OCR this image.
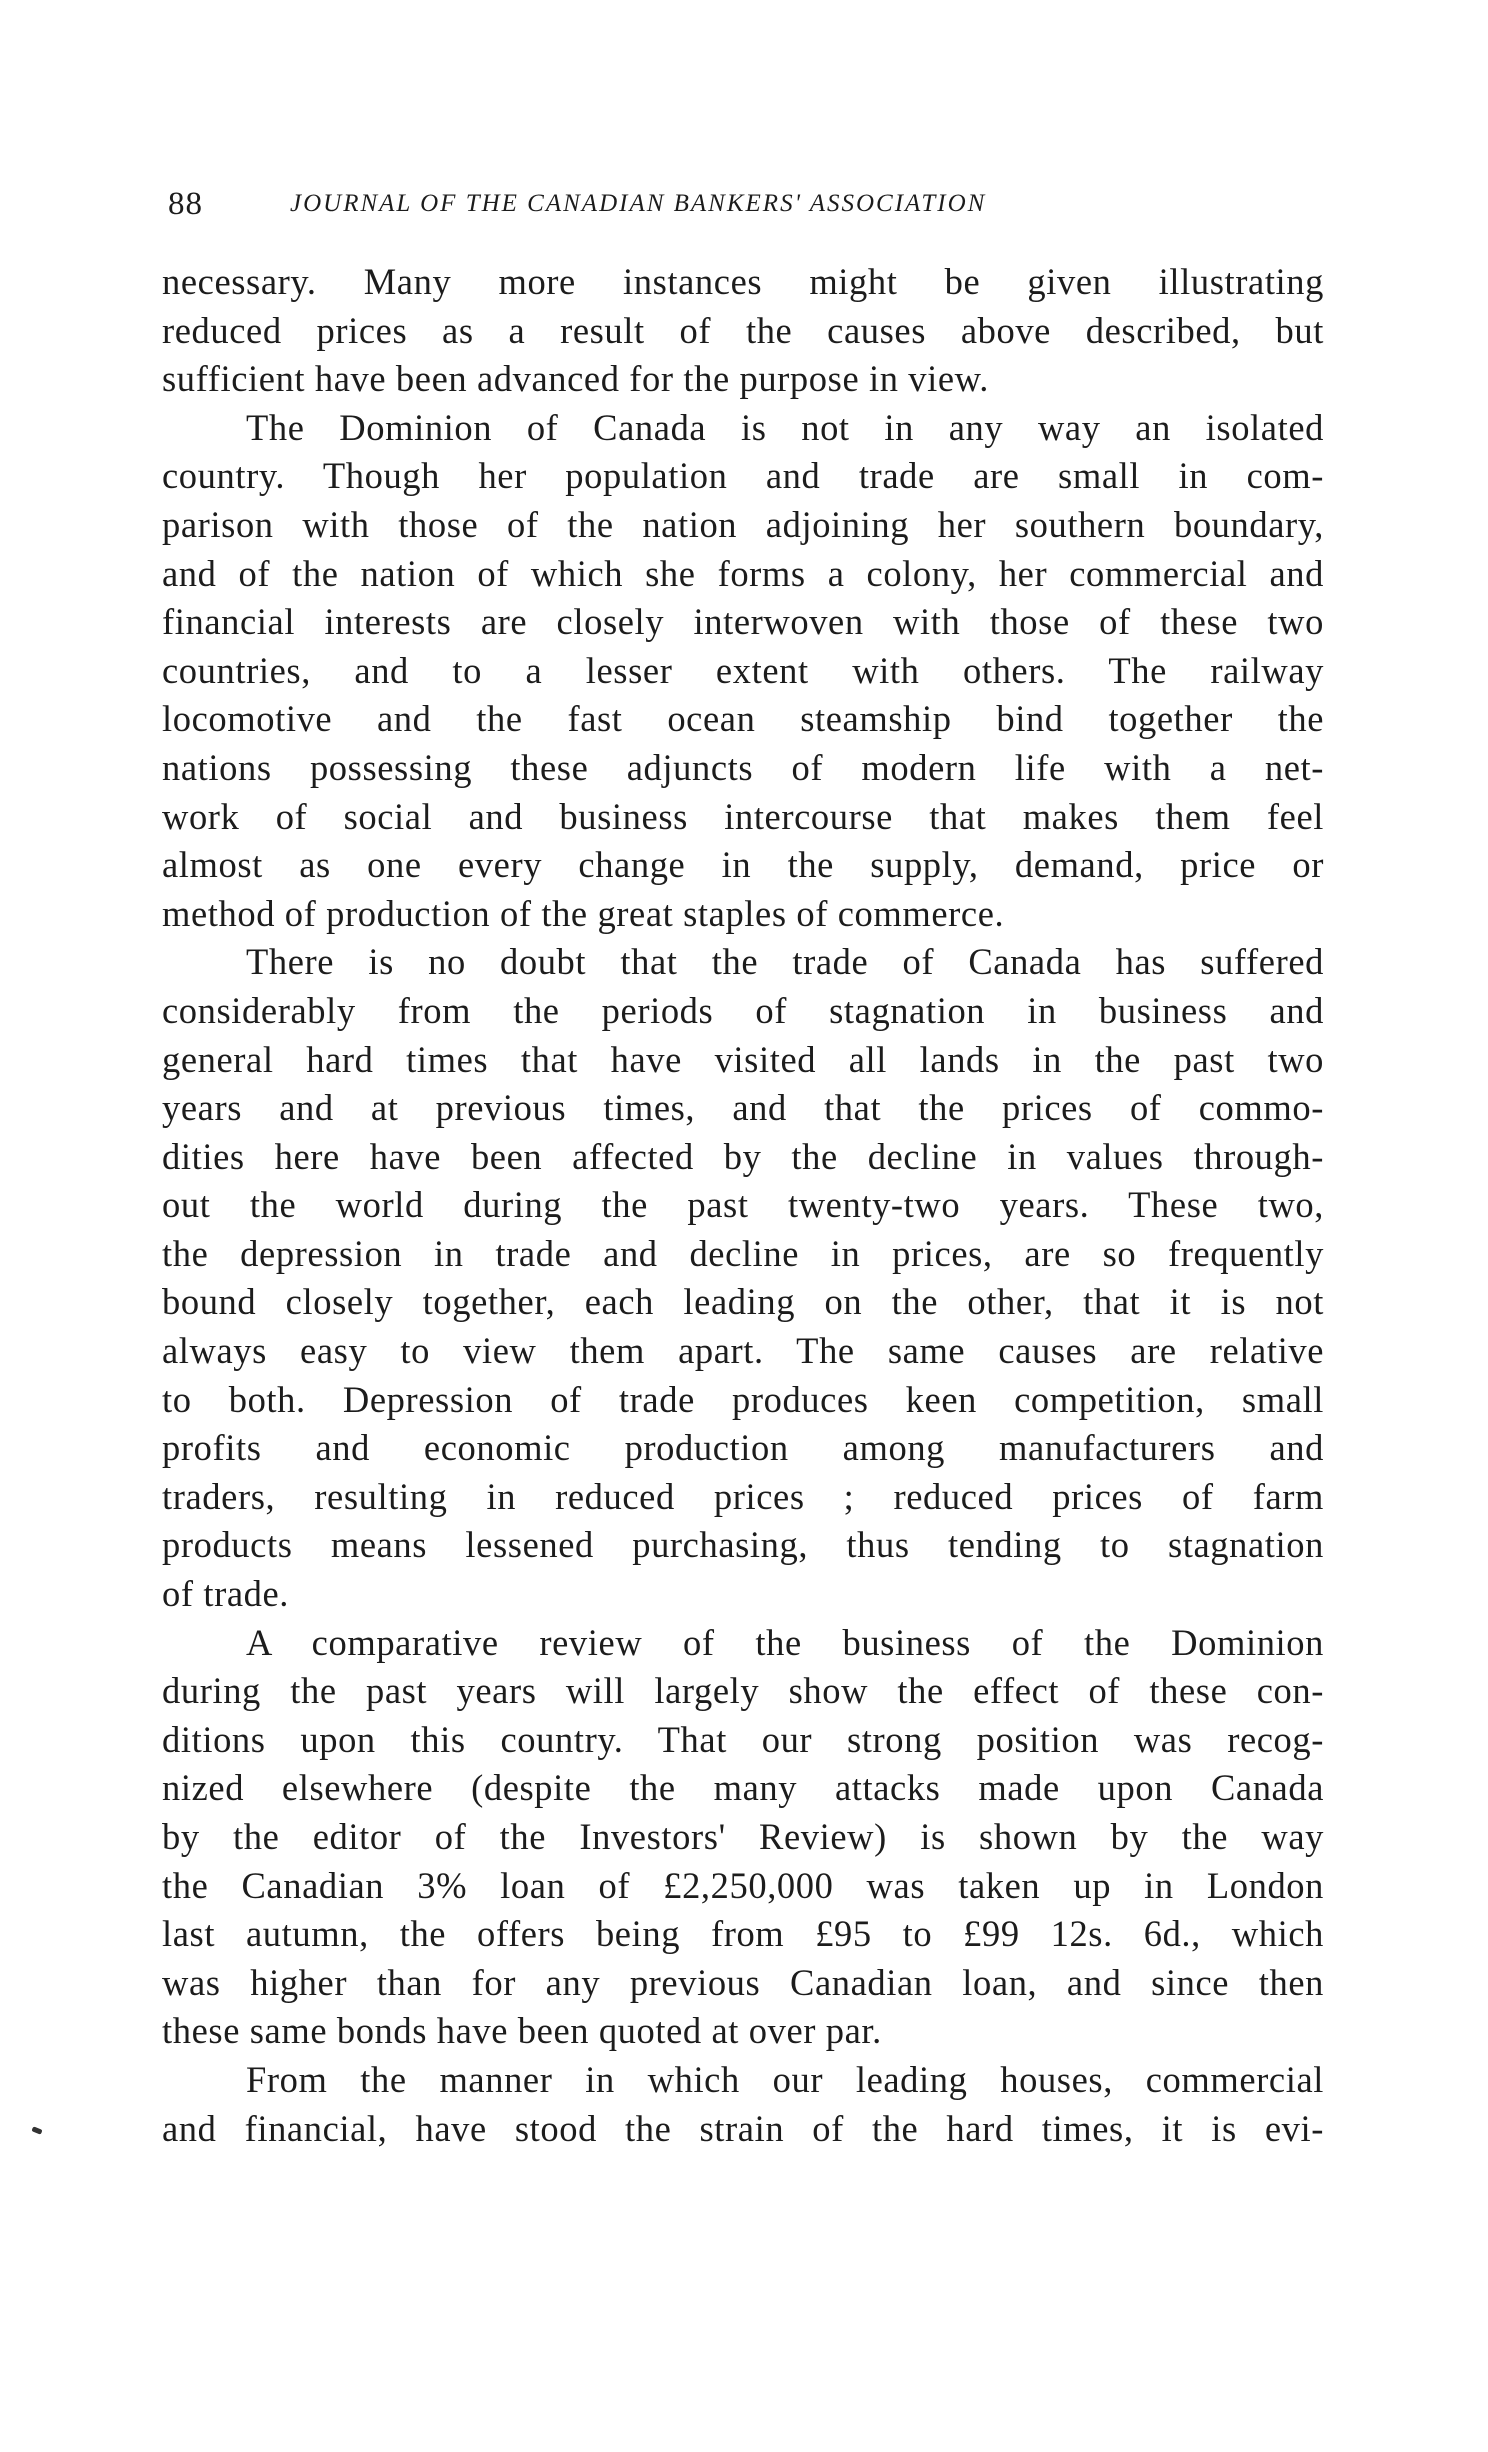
88	JOURNAL OF THE CANADIAN BANKERS' ASSOCIATION
necessary. Many more instances might be given illustrating
reduced prices as a result of the causes above described, but
sufficient have been advanced for the purpose in view.
The Dominion of Canada is not in any way an isolated
country. Though her population and trade are small in com-
parison with those of the nation adjoining her southern boundary,
and of the nation of which she forms a colony, her commercial and
financial interests are closely interwoven with those of these two
countries, and to a lesser extent with others. The railway
locomotive and the fast ocean steamship bind together the
nations possessing these adjuncts of modern life with a net-
work of social and business intercourse that makes them feel
almost as one every change in the supply, demand, price or
method of production of the great staples of commerce.
There is no doubt that the trade of Canada has suffered
considerably from the periods of stagnation in business and
general hard times that have visited all lands in the past two
years and at previous times, and that the prices of commo-
dities here have been affected by the decline in values through-
out the world during the past twenty-two years. These two,
the depression in trade and decline in prices, are so frequently
bound closely together, each leading on the other, that it is not
always easy to view them apart. The same causes are relative
to both. Depression of trade produces keen competition, small
profits and economic production among manufacturers and
traders, resulting in reduced prices ; reduced prices of farm
products means lessened purchasing, thus tending to stagnation
of trade.
A comparative review of the business of the Dominion
during the past years will largely show the effect of these con-
ditions upon this country. That our strong position was recog-
nized elsewhere (despite the many attacks made upon Canada
by the editor of the Investors' Review) is shown by the way
the Canadian 3% loan of £2,250,000 was taken up in London
last autumn, the offers being from £95 to £99 12s. 6d., which
was higher than for any previous Canadian loan, and since then
these same bonds have been quoted at over par.
From the manner in which our leading houses, commercial
and financial, have stood the strain of the hard times, it is evi-
